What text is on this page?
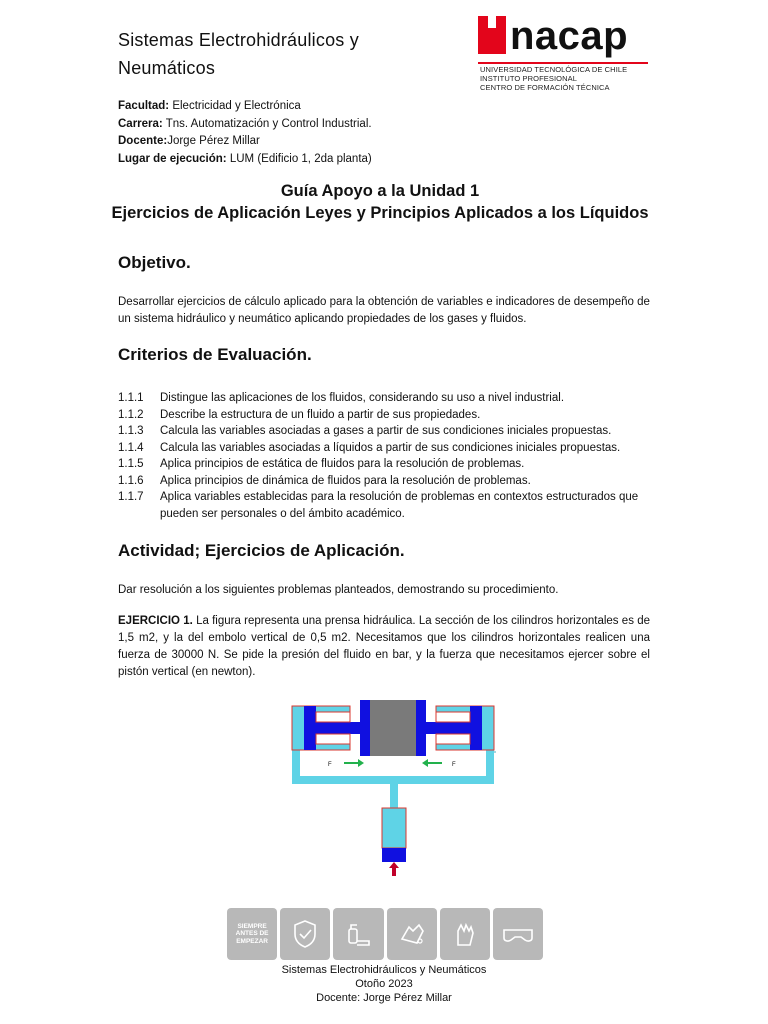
Sistemas Electrohidráulicos y
Neumáticos
nacap
UNIVERSIDAD TECNOLÓGICA DE CHILE
INSTITUTO PROFESIONAL
CENTRO DE FORMACIÓN TÉCNICA
Facultad: Electricidad y Electrónica
Carrera: Tns. Automatización y Control Industrial.
Docente:Jorge Pérez Millar
Lugar de ejecución: LUM (Edificio 1, 2da planta)
Guía Apoyo a la Unidad 1
Ejercicios de Aplicación Leyes y Principios Aplicados a los Líquidos
Objetivo.
Desarrollar ejercicios de cálculo aplicado para la obtención de variables e indicadores de desempeño de un sistema hidráulico y neumático aplicando propiedades de los gases y fluidos.
Criterios de Evaluación.
1.1.1	Distingue las aplicaciones de los fluidos, considerando su uso a nivel industrial.
1.1.2	Describe la estructura de un fluido a partir de sus propiedades.
1.1.3	Calcula las variables asociadas a gases a partir de sus condiciones iniciales propuestas.
1.1.4	Calcula las variables asociadas a líquidos a partir de sus condiciones iniciales propuestas.
1.1.5	Aplica principios de estática de fluidos para la resolución de problemas.
1.1.6	Aplica principios de dinámica de fluidos para la resolución de problemas.
1.1.7	Aplica variables establecidas para la resolución de problemas en contextos estructurados que pueden ser personales o del ámbito académico.
Actividad; Ejercicios de Aplicación.
Dar resolución a los siguientes problemas planteados, demostrando su procedimiento.
EJERCICIO 1. La figura representa una prensa hidráulica. La sección de los cilindros horizontales es de 1,5 m2, y la del embolo vertical de 0,5 m2. Necesitamos que los cilindros horizontales realicen una fuerza de 30000 N. Se pide la presión del fluido en bar, y la fuerza que necesitamos ejercer sobre el pistón vertical (en newton).
F	F
SIEMPRE ANTES DE EMPEZAR
Sistemas Electrohidráulicos y Neumáticos
Otoño 2023
Docente: Jorge Pérez Millar
